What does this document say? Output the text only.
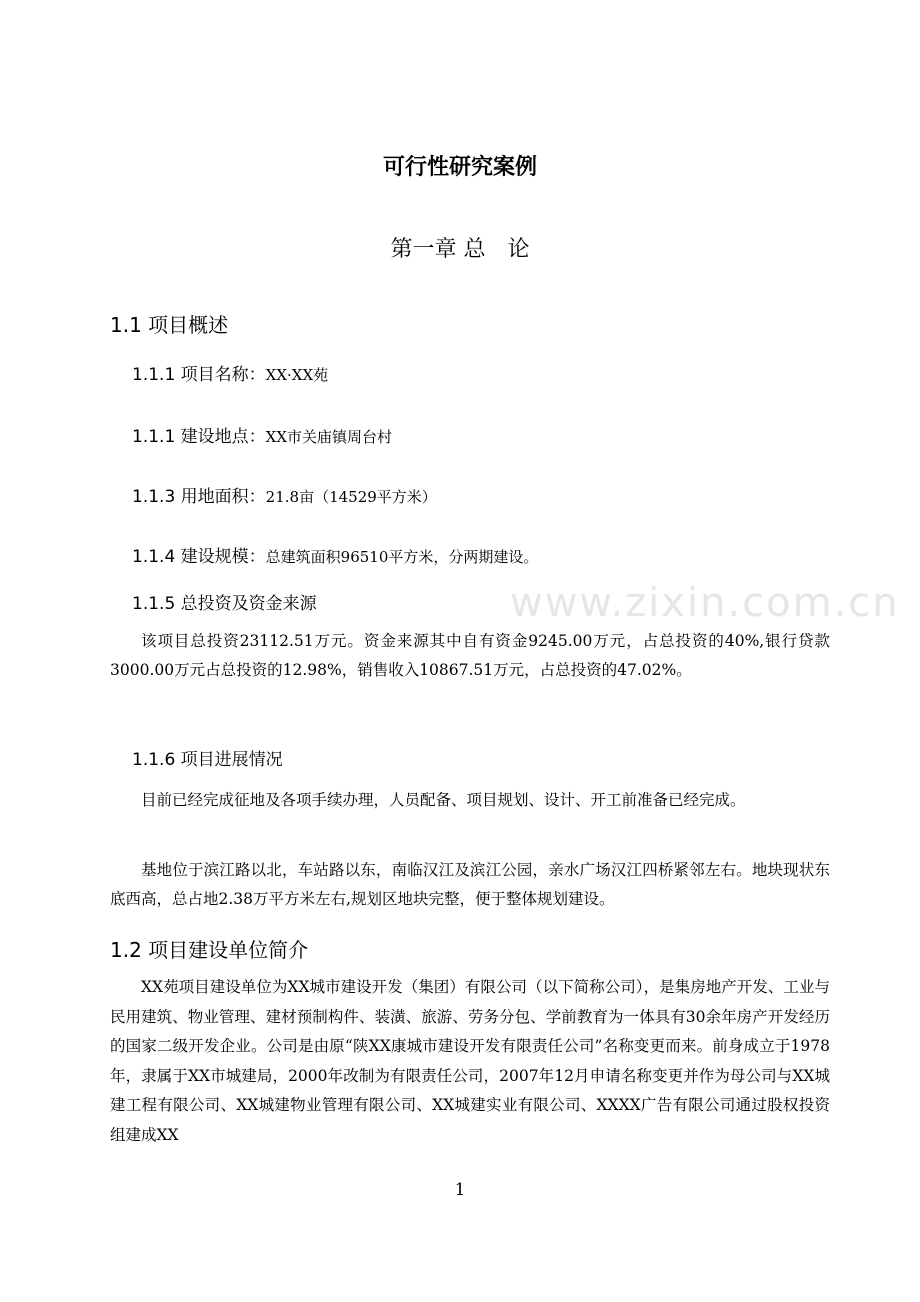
www.zixin.com.cn
可行性研究案例
第一章 总　论
1.1 项目概述
1.1.1 项目名称：XX·XX苑
1.1.1 建设地点：XX市关庙镇周台村
1.1.3 用地面积：21.8亩（14529平方米）
1.1.4 建设规模：总建筑面积96510平方米，分两期建设。
1.1.5 总投资及资金来源

该项目总投资23112.51万元。资金来源其中自有资金9245.00万元，占总投资的40%,银行贷款3000.00万元占总投资的12.98%，销售收入10867.51万元，占总投资的47.02%。

1.1.6 项目进展情况

目前已经完成征地及各项手续办理，人员配备、项目规划、设计、开工前准备已经完成。

基地位于滨江路以北，车站路以东，南临汉江及滨江公园，亲水广场汉江四桥紧邻左右。地块现状东底西高，总占地2.38万平方米左右,规划区地块完整，便于整体规划建设。

1.2 项目建设单位简介

XX苑项目建设单位为XX城市建设开发（集团）有限公司（以下简称公司），是集房地产开发、工业与民用建筑、物业管理、建材预制构件、装潢、旅游、劳务分包、学前教育为一体具有30余年房产开发经历的国家二级开发企业。公司是由原“陕XX康城市建设开发有限责任公司”名称变更而来。前身成立于1978年，隶属于XX市城建局，2000年改制为有限责任公司，2007年12月申请名称变更并作为母公司与XX城建工程有限公司、XX城建物业管理有限公司、XX城建实业有限公司、XXXX广告有限公司通过股权投资组建成XX

1
